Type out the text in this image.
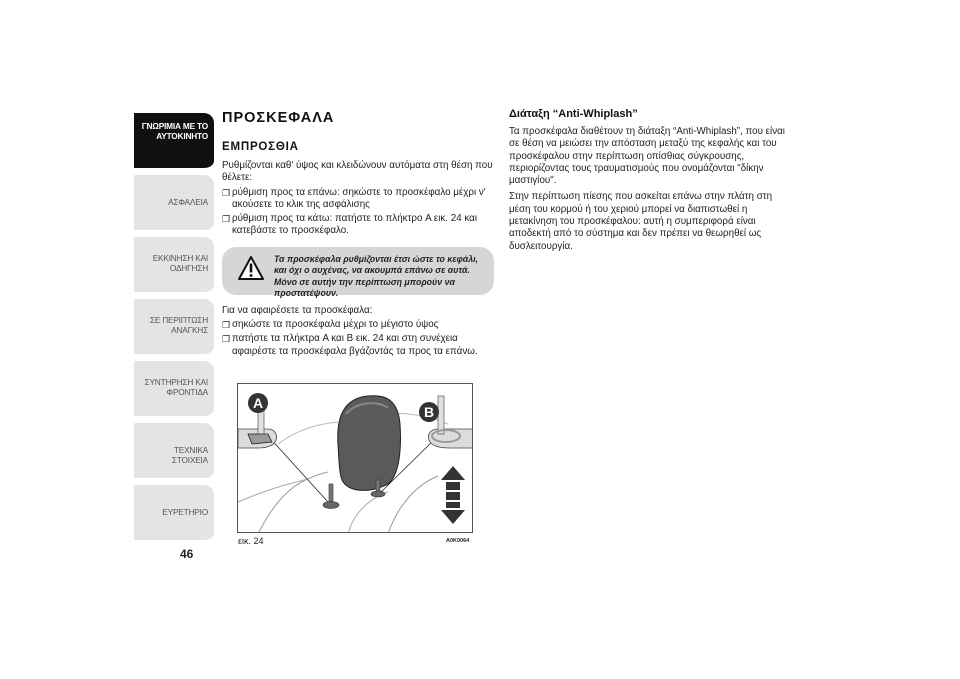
ΓΝΩΡΙΜΙΑ ΜΕ ΤΟ
ΑΥΤΟΚΙΝΗΤΟ
ΑΣΦΑΛΕΙΑ
ΕΚΚΙΝΗΣΗ ΚΑΙ
ΟΔΗΓΗΣΗ
ΣΕ ΠΕΡΙΠΤΩΣΗ
ΑΝΑΓΚΗΣ
ΣΥΝΤΗΡΗΣΗ ΚΑΙ
ΦΡΟΝΤΙΔΑ
ΤΕΧΝΙΚΑ ΣΤΟΙΧΕΙΑ
ΕΥΡΕΤΗΡΙΟ
46
ΠΡΟΣΚΕΦΑΛΑ
ΕΜΠΡΟΣΘΙΑ

Ρυθμίζονται καθ' ύψος και κλειδώνουν αυτόματα στη θέση που θέλετε:

❐ ρύθμιση προς τα επάνω: σηκώστε το προσκέφαλο μέχρι ν' ακούσετε το κλικ της ασφάλισης
❐ ρύθμιση προς τα κάτω: πατήστε το πλήκτρο A εικ. 24 και κατεβάστε το προσκέφαλο.
Τα προσκέφαλα ρυθμίζονται έτσι ώστε το κεφάλι, και όχι ο αυχένας, να ακουμπά επάνω σε αυτά. Μόνο σε αυτήν την περίπτωση μπορούν να προστατέψουν.

Για να αφαιρέσετε τα προσκέφαλα:

❐ σηκώστε τα προσκέφαλα μέχρι το μέγιστο ύψος
❐ πατήστε τα πλήκτρα A και B εικ. 24 και στη συνέχεια αφαιρέστε τα προσκέφαλα βγάζοντάς τα προς τα επάνω.
A
B
εικ. 24	A0K0064
Διάταξη “Anti-Whiplash”

Τα προσκέφαλα διαθέτουν τη διάταξη “Anti-Whiplash”, που είναι σε θέση να μειώσει την απόσταση μεταξύ της κεφαλής και του προσκέφαλου στην περίπτωση οπίσθιας σύγκρουσης, περιορίζοντας τους τραυματισμούς που ονομάζονται "δίκην μαστιγίου".

Στην περίπτωση πίεσης που ασκείται επάνω στην πλάτη στη μέση του κορμού ή του χεριού μπορεί να διαπιστωθεί η μετακίνηση του προσκέφαλου: αυτή η συμπεριφορά είναι αποδεκτή από το σύστημα και δεν πρέπει να θεωρηθεί ως δυσλειτουργία.
